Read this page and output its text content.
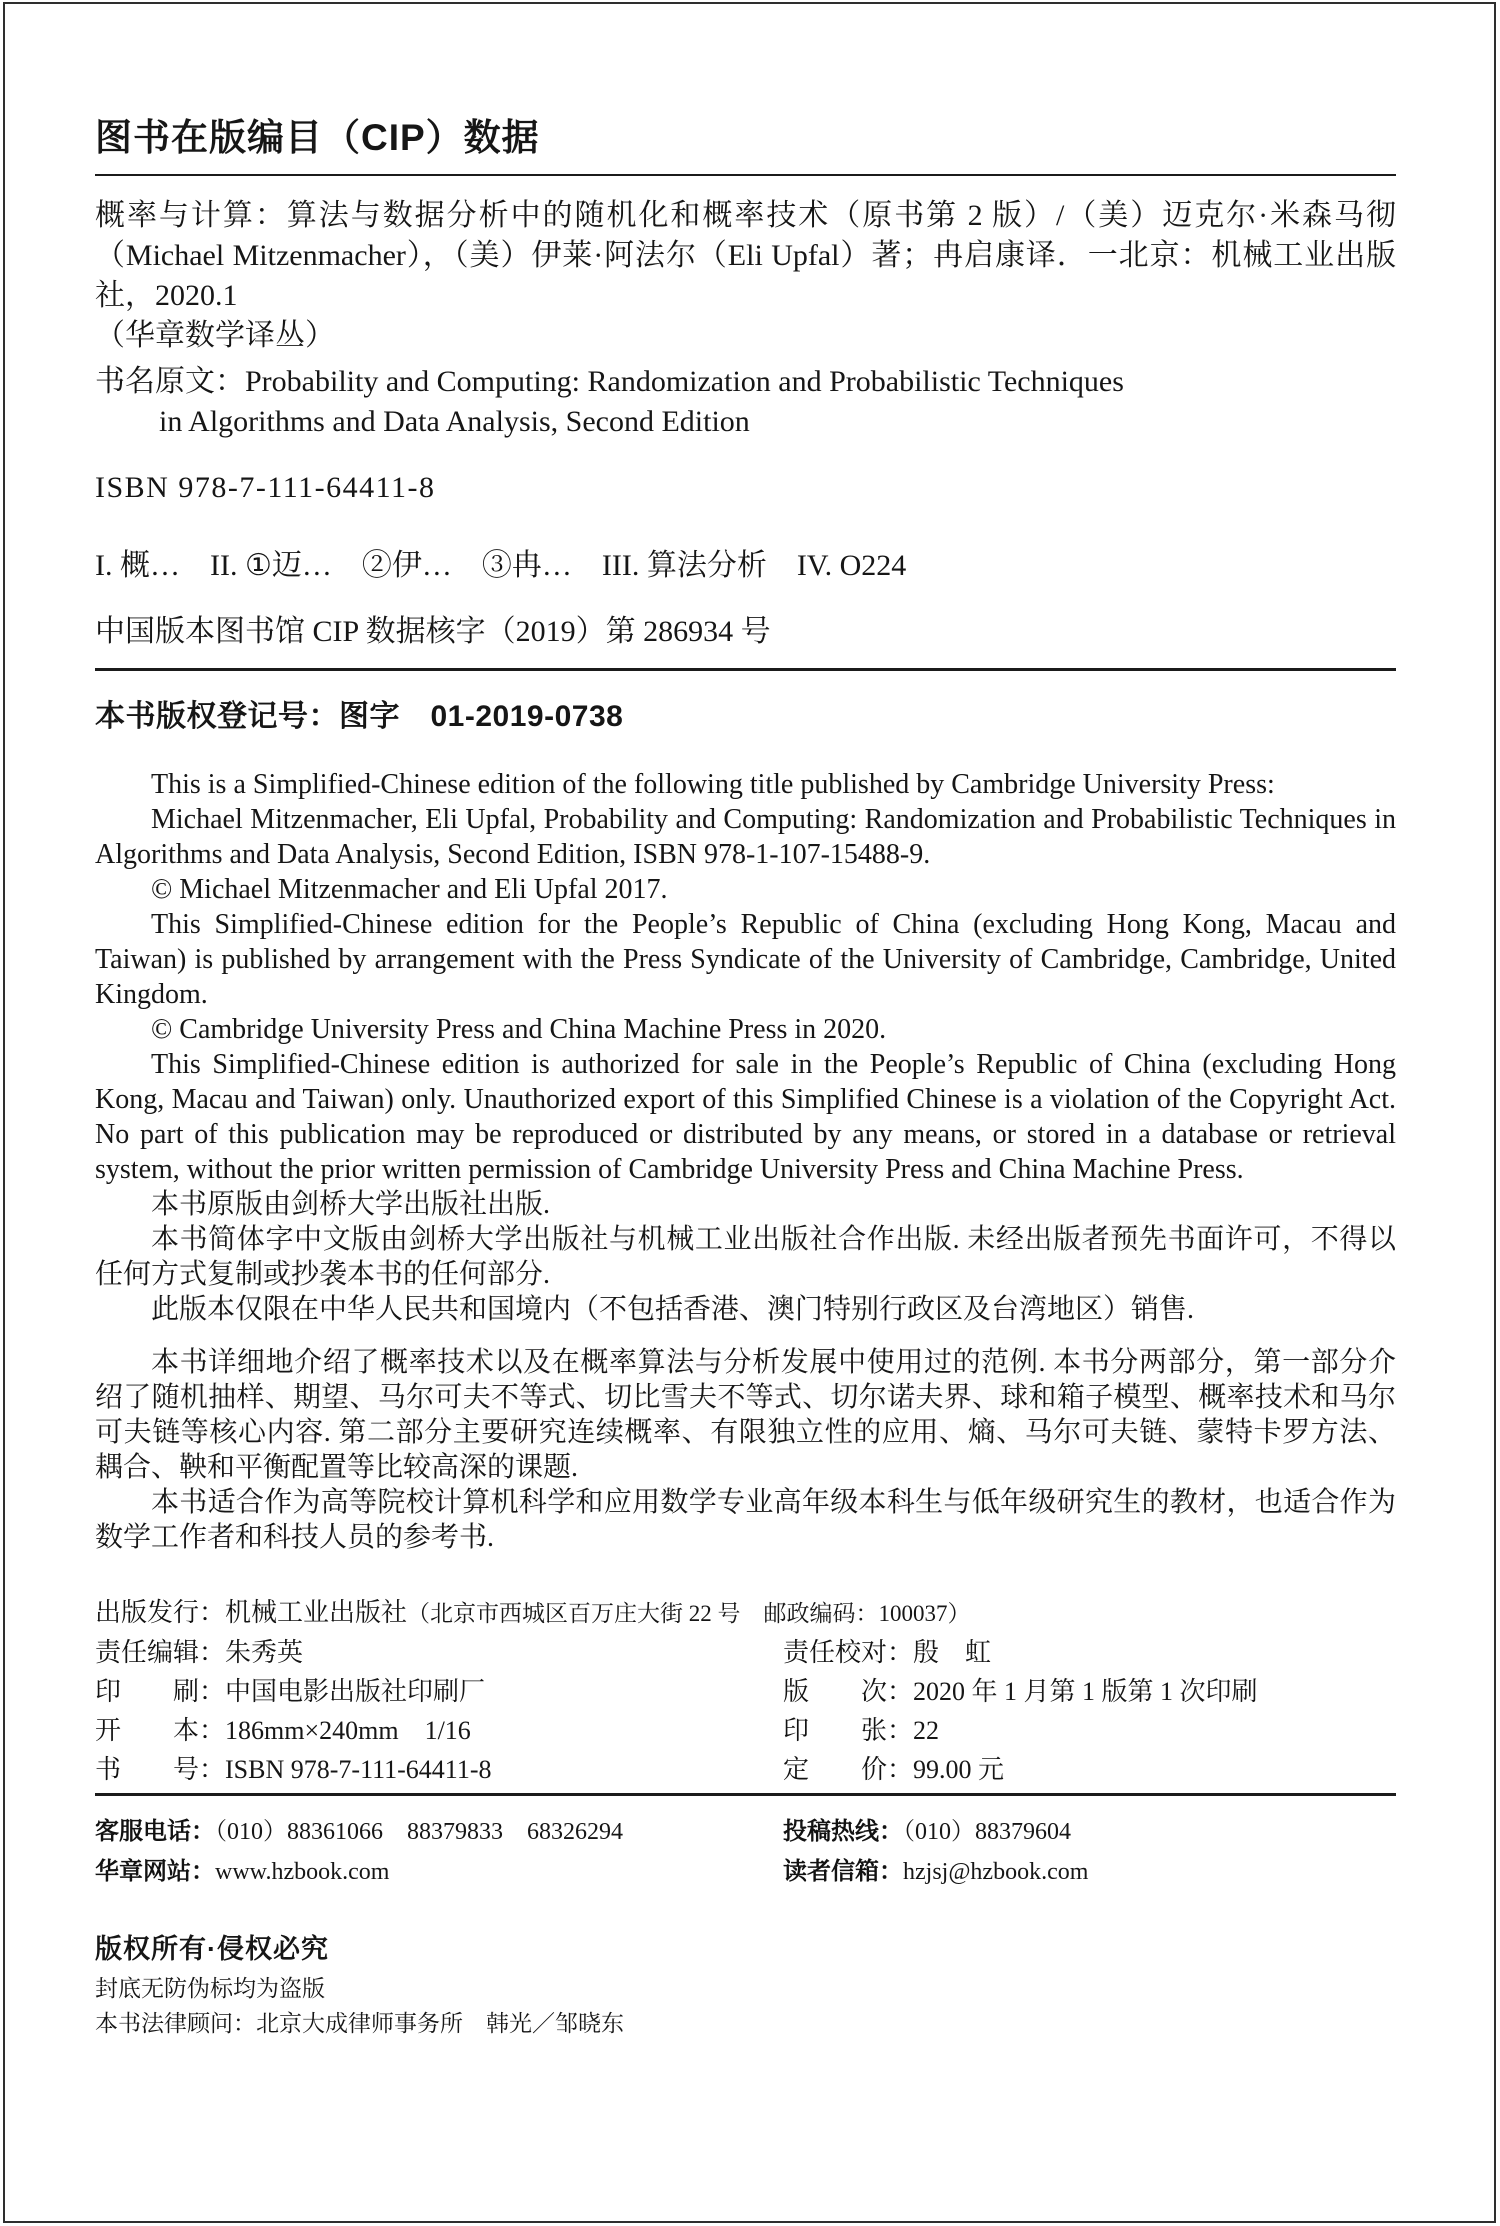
图书在版编目（CIP）数据

概率与计算：算法与数据分析中的随机化和概率技术（原书第 2 版）/（美）迈克尔·米森马彻（Michael Mitzenmacher），（美）伊莱·阿法尔（Eli Upfal）著；冉启康译．一北京：机械工业出版社，2020.1

（华章数学译丛）

书名原文：Probability and Computing: Randomization and Probabilistic Techniques

in Algorithms and Data Analysis, Second Edition

ISBN 978-7-111-64411-8

I. 概…　II. ①迈…　②伊…　③冉…　III. 算法分析　IV. O224

中国版本图书馆 CIP 数据核字（2019）第 286934 号

本书版权登记号：图字　01-2019-0738

This is a Simplified-Chinese edition of the following title published by Cambridge University Press:

Michael Mitzenmacher, Eli Upfal, Probability and Computing: Randomization and Probabilistic Techniques in Algorithms and Data Analysis, Second Edition, ISBN 978-1-107-15488-9.

© Michael Mitzenmacher and Eli Upfal 2017.

This Simplified-Chinese edition for the People’s Republic of China (excluding Hong Kong, Macau and Taiwan) is published by arrangement with the Press Syndicate of the University of Cambridge, Cambridge, United Kingdom.

© Cambridge University Press and China Machine Press in 2020.

This Simplified-Chinese edition is authorized for sale in the People’s Republic of China (excluding Hong Kong, Macau and Taiwan) only. Unauthorized export of this Simplified Chinese is a violation of the Copyright Act. No part of this publication may be reproduced or distributed by any means, or stored in a database or retrieval system, without the prior written permission of Cambridge University Press and China Machine Press.

本书原版由剑桥大学出版社出版.

本书简体字中文版由剑桥大学出版社与机械工业出版社合作出版. 未经出版者预先书面许可，不得以任何方式复制或抄袭本书的任何部分.

此版本仅限在中华人民共和国境内（不包括香港、澳门特别行政区及台湾地区）销售.

本书详细地介绍了概率技术以及在概率算法与分析发展中使用过的范例. 本书分两部分，第一部分介绍了随机抽样、期望、马尔可夫不等式、切比雪夫不等式、切尔诺夫界、球和箱子模型、概率技术和马尔可夫链等核心内容. 第二部分主要研究连续概率、有限独立性的应用、熵、马尔可夫链、蒙特卡罗方法、耦合、鞅和平衡配置等比较高深的课题.

本书适合作为高等院校计算机科学和应用数学专业高年级本科生与低年级研究生的教材，也适合作为数学工作者和科技人员的参考书.

出版发行：机械工业出版社（北京市西城区百万庄大街 22 号　邮政编码：100037）

责任编辑：朱秀英	责任校对：殷　虹
印　　刷：中国电影出版社印刷厂	版　　次：2020 年 1 月第 1 版第 1 次印刷
开　　本：186mm×240mm　1/16	印　　张：22
书　　号：ISBN 978-7-111-64411-8	定　　价：99.00 元
客服电话：（010）88361066　88379833　68326294	投稿热线：（010）88379604
华章网站：www.hzbook.com	读者信箱：hzjsj@hzbook.com

版权所有·侵权必究

封底无防伪标均为盗版

本书法律顾问：北京大成律师事务所　韩光／邹晓东
